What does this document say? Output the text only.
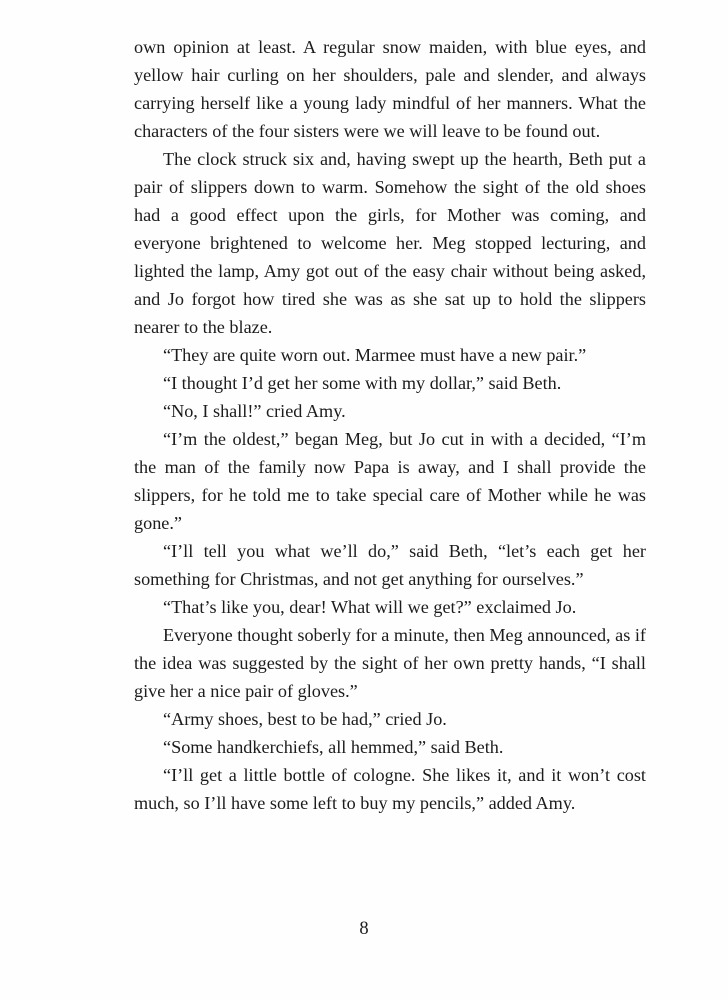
own opinion at least. A regular snow maiden, with blue eyes, and yellow hair curling on her shoulders, pale and slender, and always carrying herself like a young lady mindful of her manners. What the characters of the four sisters were we will leave to be found out.

The clock struck six and, having swept up the hearth, Beth put a pair of slippers down to warm. Somehow the sight of the old shoes had a good effect upon the girls, for Mother was coming, and everyone brightened to welcome her. Meg stopped lecturing, and lighted the lamp, Amy got out of the easy chair without being asked, and Jo forgot how tired she was as she sat up to hold the slippers nearer to the blaze.

“They are quite worn out. Marmee must have a new pair.”

“I thought I’d get her some with my dollar,” said Beth.

“No, I shall!” cried Amy.

“I’m the oldest,” began Meg, but Jo cut in with a decided, “I’m the man of the family now Papa is away, and I shall provide the slippers, for he told me to take special care of Mother while he was gone.”

“I’ll tell you what we’ll do,” said Beth, “let’s each get her something for Christmas, and not get anything for ourselves.”

“That’s like you, dear! What will we get?” exclaimed Jo.

Everyone thought soberly for a minute, then Meg announced, as if the idea was suggested by the sight of her own pretty hands, “I shall give her a nice pair of gloves.”

“Army shoes, best to be had,” cried Jo.

“Some handkerchiefs, all hemmed,” said Beth.

“I’ll get a little bottle of cologne. She likes it, and it won’t cost much, so I’ll have some left to buy my pencils,” added Amy.

8
